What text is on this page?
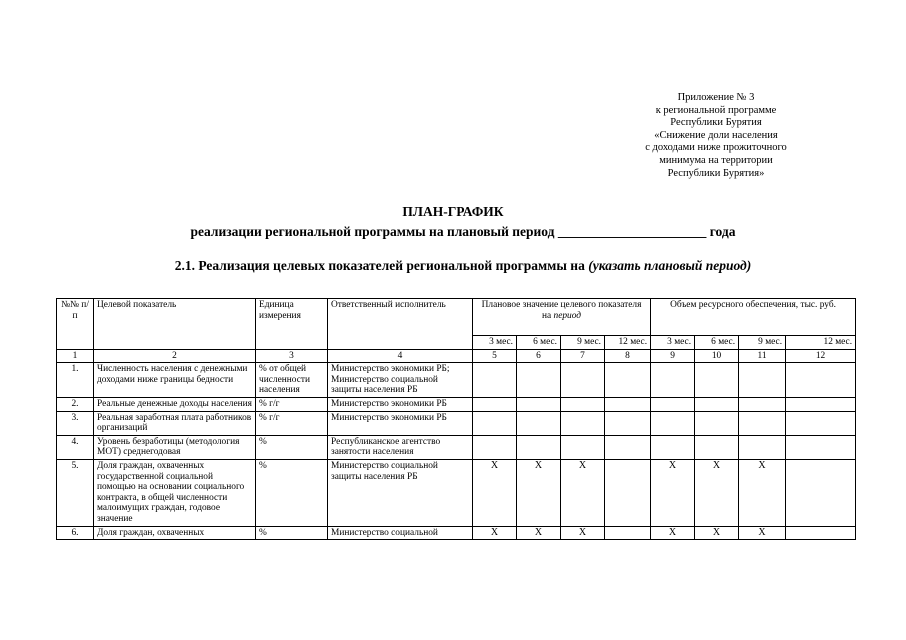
Приложение № 3
к региональной программе
Республики Бурятия
«Снижение доли населения
с доходами ниже прожиточного
минимума на территории
Республики Бурятия»
ПЛАН-ГРАФИК
реализации региональной программы на плановый период ______________________ года
2.1. Реализация целевых показателей региональной программы на (указать плановый период)
№№ п/п	Целевой показатель	Единица измерения	Ответственный исполнитель	Плановое значение целевого показателя на период				Объем ресурсного обеспечения, тыс. руб.			
				3 мес.	6 мес.	9 мес.	12 мес.	3 мес.	6 мес.	9 мес.	12 мес.
1	2	3	4	5	6	7	8	9	10	11	12
1.	Численность населения с денежными доходами ниже границы бедности	% от общей численности населения	Министерство экономики РБ; Министерство социальной защиты населения РБ								
2.	Реальные денежные доходы населения	% г/г	Министерство экономики РБ								
3.	Реальная заработная плата работников организаций	% г/г	Министерство экономики РБ								
4.	Уровень безработицы (методология МОТ) среднегодовая	%	Республиканское агентство занятости населения								
5.	Доля граждан, охваченных государственной социальной помощью на основании социального контракта, в общей численности малоимущих граждан, годовое значение	%	Министерство социальной защиты населения РБ	Х	Х	Х		Х	Х	Х	
6.	Доля граждан, охваченных	%	Министерство социальной	Х	Х	Х		Х	Х	Х	
